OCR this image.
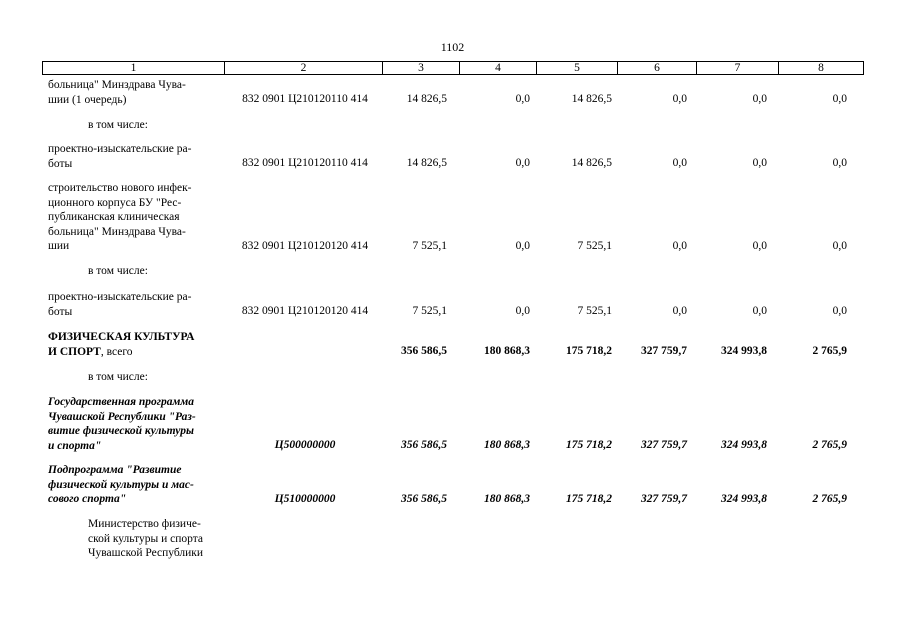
1102
1	2	3	4	5	6	7	8
больница" Минздрава Чува-
шии (1 очередь)	832 0901 Ц210120110 414	14 826,5	0,0	14 826,5	0,0	0,0	0,0
в том числе:
проектно-изыскательские ра-
боты	832 0901 Ц210120110 414	14 826,5	0,0	14 826,5	0,0	0,0	0,0
строительство нового инфек-
ционного корпуса БУ "Рес-
публиканская клиническая
больница" Минздрава Чува-
шии	832 0901 Ц210120120 414	7 525,1	0,0	7 525,1	0,0	0,0	0,0
в том числе:
проектно-изыскательские ра-
боты	832 0901 Ц210120120 414	7 525,1	0,0	7 525,1	0,0	0,0	0,0
ФИЗИЧЕСКАЯ КУЛЬТУРА
И СПОРТ, всего	356 586,5	180 868,3	175 718,2	327 759,7	324 993,8	2 765,9
в том числе:
Государственная программа
Чувашской Республики "Раз-
витие физической культуры
и спорта"	Ц500000000	356 586,5	180 868,3	175 718,2	327 759,7	324 993,8	2 765,9
Подпрограмма "Развитие
физической культуры и мас-
сового спорта"	Ц510000000	356 586,5	180 868,3	175 718,2	327 759,7	324 993,8	2 765,9
Министерство физиче-
ской культуры и спорта
Чувашской Республики
